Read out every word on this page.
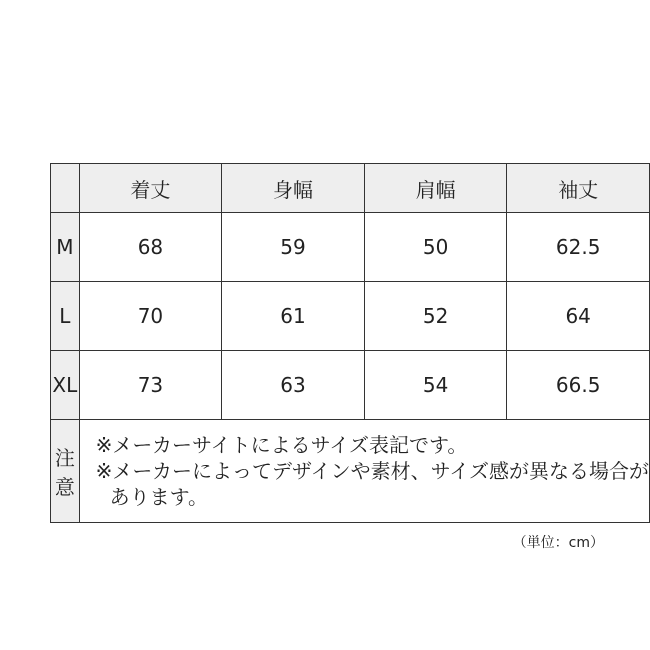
	着丈	身幅	肩幅	袖丈
M	68	59	50	62.5
L	70	61	52	64
XL	73	63	54	66.5
注意	※メーカーサイトによるサイズ表記です。
※メーカーによってデザインや素材、サイズ感が異なる場合が
あります。			
（単位：cm）
